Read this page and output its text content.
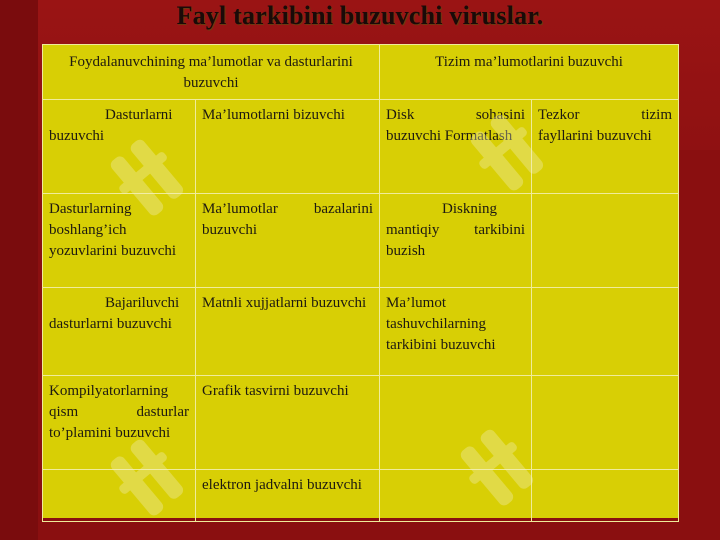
Fayl tarkibini buzuvchi viruslar.
Foydalanuvchining ma’lumotlar va dasturlarini buzuvchi		Tizim ma’lumotlarini buzuvchi	
Dasturlarni buzuvchi	Ma’lumotlarni bizuvchi	Disk sohasini buzuvchi Formatlash	Tezkor tizim fayllarini buzuvchi
Dasturlarning boshlang’ich yozuvlarini buzuvchi	Ma’lumotlar bazalarini buzuvchi	Diskning mantiqiy tarkibini buzish	
Bajariluvchi dasturlarni buzuvchi	Matnli xujjatlarni buzuvchi	Ma’lumot tashuvchilarning tarkibini buzuvchi	
Kompilyatorlarning qism dasturlar to’plamini buzuvchi	Grafik tasvirni buzuvchi		
	elektron jadvalni buzuvchi		
